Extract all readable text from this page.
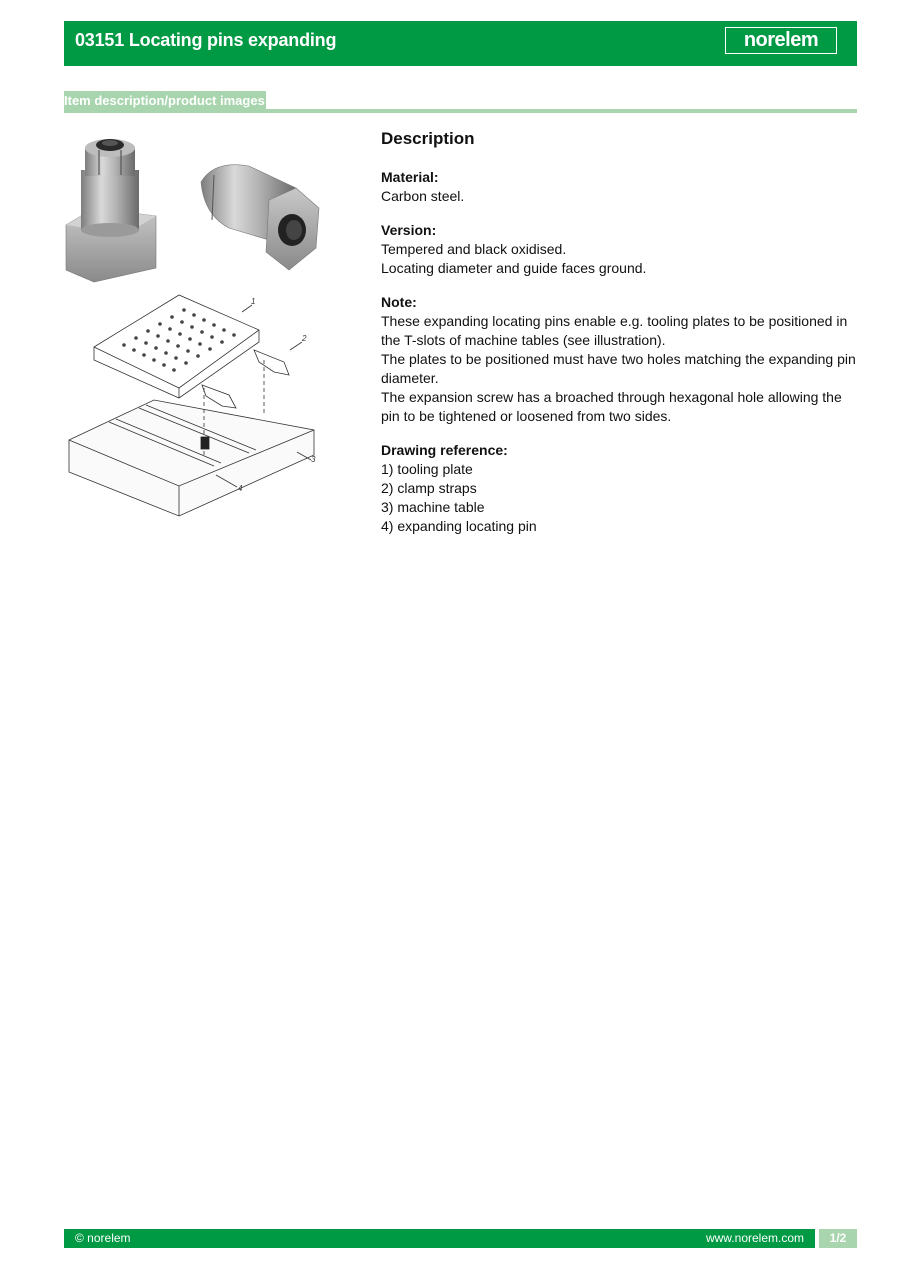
03151 Locating pins expanding	norelem
Item description/product images
1
2
3
4
Description
Material:

Carbon steel.

Version:

Tempered and black oxidised.

Locating diameter and guide faces ground.

Note:

These expanding locating pins enable e.g. tooling plates to be positioned in the T-slots of machine tables (see illustration).

The plates to be positioned must have two holes matching the expanding pin diameter.

The expansion screw has a broached through hexagonal hole allowing the pin to be tightened or loosened from two sides.

Drawing reference:

1) tooling plate

2) clamp straps

3) machine table

4) expanding locating pin

© norelem	www.norelem.com	1/2
